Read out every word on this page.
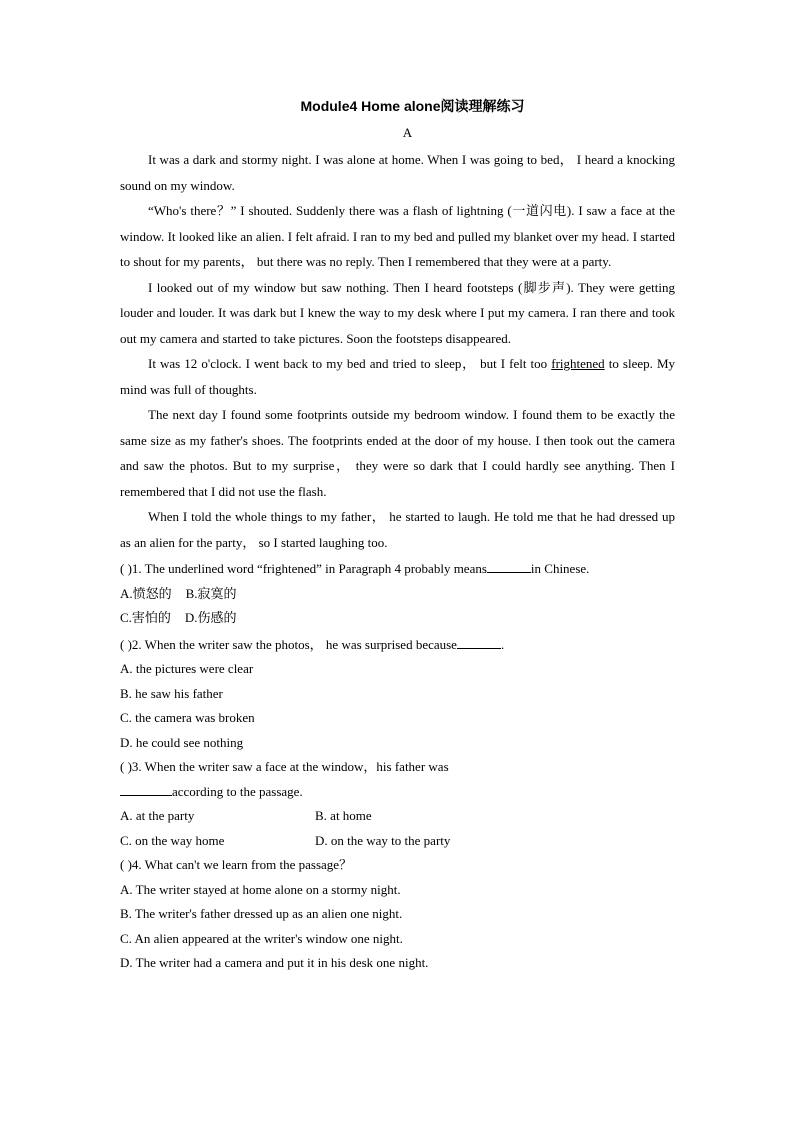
Module4 Home alone阅读理解练习
A

It was a dark and stormy night. I was alone at home. When I was going to bed， I heard a knocking sound on my window.

“Who's there？” I shouted. Suddenly there was a flash of lightning (一道闪电). I saw a face at the window. It looked like an alien. I felt afraid. I ran to my bed and pulled my blanket over my head. I started to shout for my parents， but there was no reply. Then I remembered that they were at a party.

I looked out of my window but saw nothing. Then I heard footsteps (脚步声). They were getting louder and louder. It was dark but I knew the way to my desk where I put my camera. I ran there and took out my camera and started to take pictures. Soon the footsteps disappeared.

It was 12 o'clock. I went back to my bed and tried to sleep， but I felt too frightened to sleep. My mind was full of thoughts.

The next day I found some footprints outside my bedroom window. I found them to be exactly the same size as my father's shoes. The footprints ended at the door of my house. I then took out the camera and saw the photos. But to my surprise， they were so dark that I could hardly see anything. Then I remembered that I did not use the flash.

When I told the whole things to my father， he started to laugh. He told me that he had dressed up as an alien for the party， so I started laughing too.

( )1. The underlined word “frightened” in Paragraph 4 probably means	in Chinese.

A.愤怒的 B.寂寞的

C.害怕的 D.伤感的

( )2. When the writer saw the photos， he was surprised because	.

A. the pictures were clear

B. he saw his father

C. the camera was broken

D. he could see nothing

( )3. When the writer saw a face at the window，his father was

according to the passage.

A. at the party	B. at home

C. on the way home	D. on the way to the party

( )4. What can't we learn from the passage？

A. The writer stayed at home alone on a stormy night.

B. The writer's father dressed up as an alien one night.

C. An alien appeared at the writer's window one night.

D. The writer had a camera and put it in his desk one night.
